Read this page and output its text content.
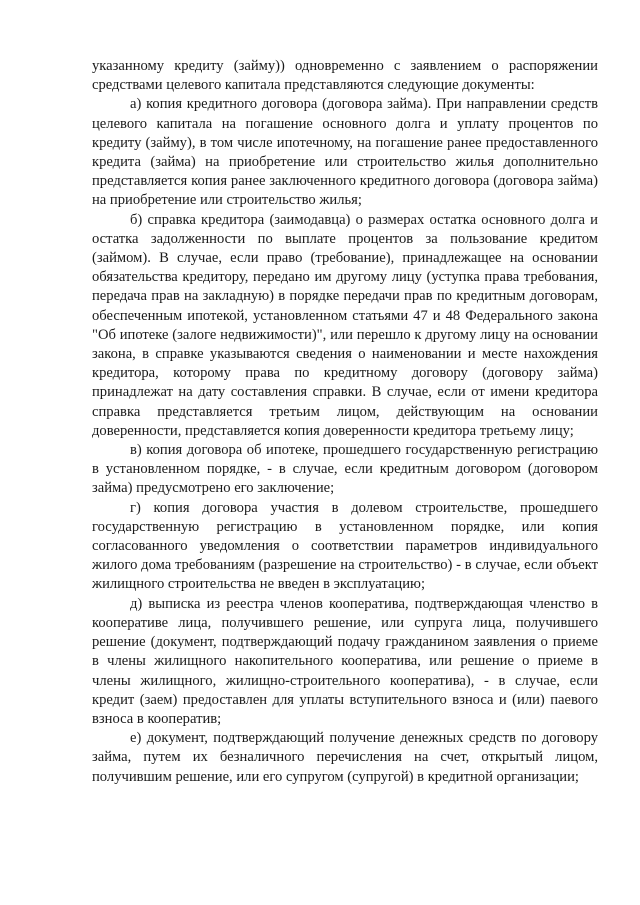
указанному кредиту (займу)) одновременно с заявлением о распоряжении средствами целевого капитала представляются следующие документы:

а) копия кредитного договора (договора займа). При направлении средств целевого капитала на погашение основного долга и уплату процентов по кредиту (займу), в том числе ипотечному, на погашение ранее предоставленного кредита (займа) на приобретение или строительство жилья дополнительно представляется копия ранее заключенного кредитного договора (договора займа) на приобретение или строительство жилья;

б) справка кредитора (заимодавца) о размерах остатка основного долга и остатка задолженности по выплате процентов за пользование кредитом (займом). В случае, если право (требование), принадлежащее на основании обязательства кредитору, передано им другому лицу (уступка права требования, передача прав на закладную) в порядке передачи прав по кредитным договорам, обеспеченным ипотекой, установленном статьями 47 и 48 Федерального закона "Об ипотеке (залоге недвижимости)", или перешло к другому лицу на основании закона, в справке указываются сведения о наименовании и месте нахождения кредитора, которому права по кредитному договору (договору займа) принадлежат на дату составления справки. В случае, если от имени кредитора справка представляется третьим лицом, действующим на основании доверенности, представляется копия доверенности кредитора третьему лицу;

в) копия договора об ипотеке, прошедшего государственную регистрацию в установленном порядке, - в случае, если кредитным договором (договором займа) предусмотрено его заключение;

г) копия договора участия в долевом строительстве, прошедшего государственную регистрацию в установленном порядке, или копия согласованного уведомления о соответствии параметров индивидуального жилого дома требованиям (разрешение на строительство) - в случае, если объект жилищного строительства не введен в эксплуатацию;

д) выписка из реестра членов кооператива, подтверждающая членство в кооперативе лица, получившего решение, или супруга лица, получившего решение (документ, подтверждающий подачу гражданином заявления о приеме в члены жилищного накопительного кооператива, или решение о приеме в члены жилищного, жилищно-строительного кооператива), - в случае, если кредит (заем) предоставлен для уплаты вступительного взноса и (или) паевого взноса в кооператив;

е) документ, подтверждающий получение денежных средств по договору займа, путем их безналичного перечисления на счет, открытый лицом, получившим решение, или его супругом (супругой) в кредитной организации;
